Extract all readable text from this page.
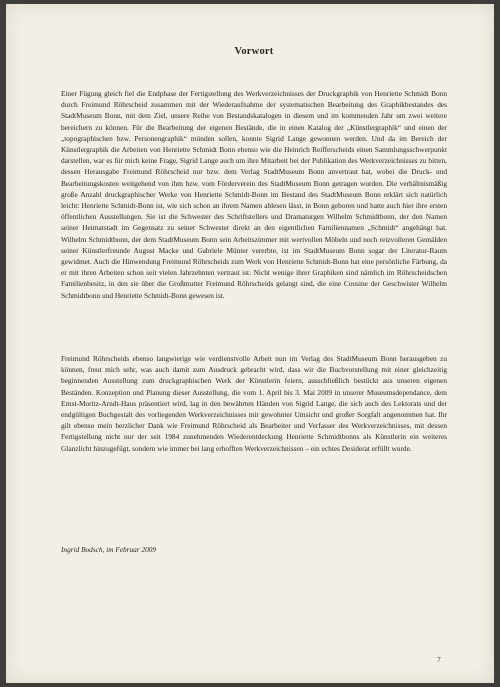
Vorwort

Einer Fügung gleich fiel die Endphase der Fertigstellung des Werkverzeichnisses der Druckgraphik von Henriette Schmidt Bonn durch Freimund Röhrscheid zusammen mit der Wiederaufnahme der systematischen Bearbeitung des Graphikbestandes des StadtMuseum Bonn, mit dem Ziel, unsere Reihe von Bestandskatalogen in diesem und im kommenden Jahr um zwei weitere bereichern zu können. Für die Bearbeitung der eigenen Bestände, die in einen Katalog der „Künstlergraphik“ und einen der „topographischen bzw. Personengraphik“ münden sollen, konnte Sigrid Lange gewonnen werden. Und da im Bereich der Künstlergraphik die Arbeiten von Henriette Schmidt Bonn ebenso wie die Heinrich Reifferscheids einen Sammlungsschwerpunkt darstellen, war es für mich keine Frage, Sigrid Lange auch um ihre Mitarbeit bei der Publikation des Werkverzeichnisses zu bitten, dessen Herausgabe Freimund Röhrscheid nur bzw. dem Verlag StadtMuseum Bonn anvertraut hat, wobei die Druck- und Bearbeitungskosten weitgehend von ihm bzw. vom Förderverein des StadtMuseum Bonn getragen wurden. Die verhältnismäßig große Anzahl druckgraphischer Werke von Henriette Schmidt-Bonn im Bestand des StadtMuseum Bonn erklärt sich natürlich leicht: Henriette Schmidt-Bonn ist, wie sich schon an ihrem Namen ablesen lässt, in Bonn geboren und hatte auch hier ihre ersten öffentlichen Ausstellungen. Sie ist die Schwester des Schriftstellers und Dramaturgen Wilhelm Schmidtbonn, der den Namen seiner Heimatstadt im Gegensatz zu seiner Schwester direkt an den eigentlichen Familiennamen „Schmidt“ angehängt hat. Wilhelm Schmidtbonn, der dem StadtMuseum Bonn sein Arbeitszimmer mit wertvollen Möbeln und noch reizvolleren Gemälden seiner Künstlerfreunde August Macke und Gabriele Münter vererbte, ist im StadtMuseum Bonn sogar der Literatur-Raum gewidmet. Auch die Hinwendung Freimund Röhrscheids zum Werk von Henriette Schmidt-Bonn hat eine persönliche Färbung, da er mit ihren Arbeiten schon seit vielen Jahrzehnten vertraut ist: Nicht wenige ihrer Graphiken sind nämlich im Röhrscheidschen Familienbesitz, in den sie über die Großmutter Freimund Röhrscheids gelangt sind, die eine Cousine der Geschwister Wilhelm Schmidtbonn und Henriette Schmidt-Bonn gewesen ist.

Freimund Röhrscheids ebenso langwierige wie verdienstvolle Arbeit nun im Verlag des StadtMuseum Bonn herausgeben zu können, freut mich sehr, was auch damit zum Ausdruck gebracht wird, dass wir die Buchvorstellung mit einer gleichzeitig beginnenden Ausstellung zum druckgraphischen Werk der Künstlerin feiern, ausschließlich bestückt aus unseren eigenen Beständen. Konzeption und Planung dieser Ausstellung, die vom 1. April bis 3. Mai 2009 in unserer Museumsdependance, dem Ernst-Moritz-Arndt-Haus präsentiert wird, lag in den bewährten Händen von Sigrid Lange, die sich auch des Lektorats und der endgültigen Buchgestalt des vorliegenden Werkverzeichnisses mit gewohnter Umsicht und großer Sorgfalt angenommen hat. Ihr gilt ebenso mein herzlicher Dank wie Freimund Röhrscheid als Bearbeiter und Verfasser des Werkverzeichnisses, mit dessen Fertigstellung nicht nur der seit 1984 zunehmenden Wiederentdeckung Henriette Schmidtbonns als Künstlerin ein weiteres Glanzlicht hinzugefügt, sondern wie immer bei lang erhofften Werkverzeichnissen – ein echtes Desiderat erfüllt wurde.

Ingrid Bodsch, im Februar 2009
7
